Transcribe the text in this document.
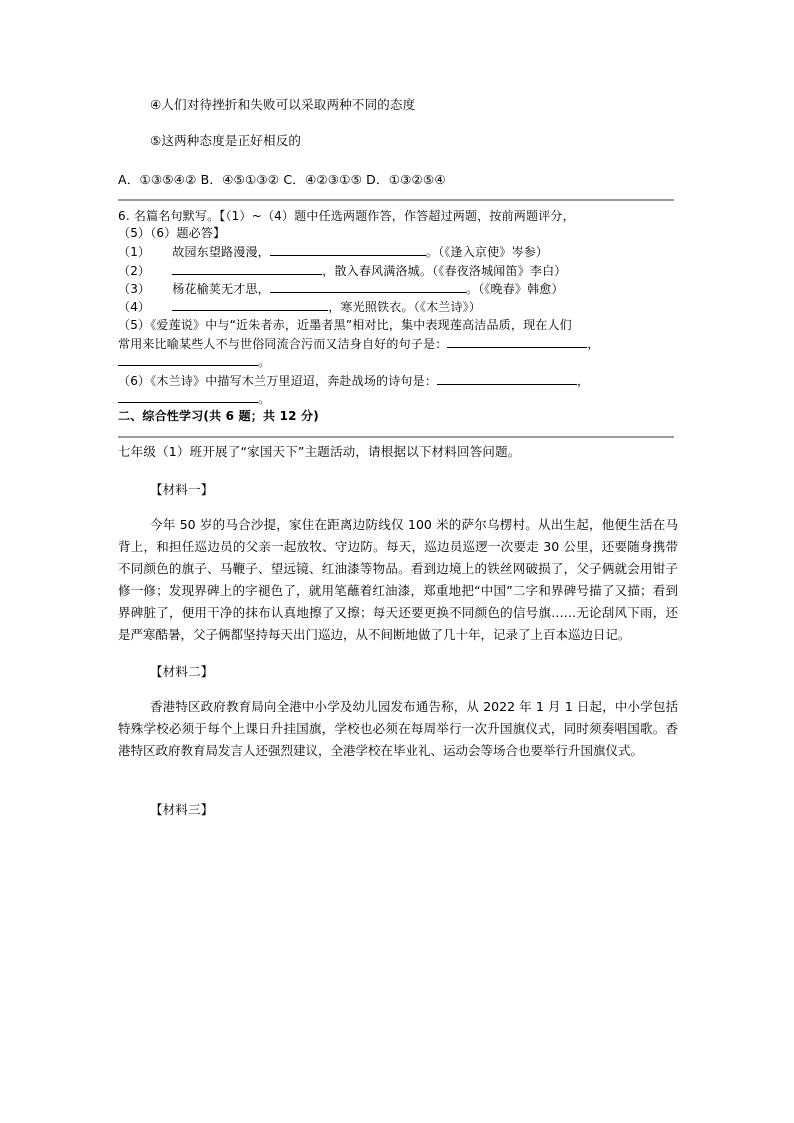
④人们对待挫折和失败可以采取两种不同的态度
⑤这两种态度是正好相反的
A．①③⑤④② B．④⑤①③② C．④②③①⑤ D．①③②⑤④
6. 名篇名句默写。【（1）~（4）题中任选两题作答，作答超过两题，按前两题评分，
（5）（6）题必答】
（1） 故园东望路漫漫，	。（《逢入京使》岑参）
（2）	，散入春风满洛城。（《春夜洛城闻笛》李白）
（3） 杨花榆荚无才思，	。（《晚春》韩愈）
（4）	，寒光照铁衣。（《木兰诗》）
（5）《爱莲说》中与“近朱者赤，近墨者黑”相对比，集中表现莲高洁品质，现在人们
常用来比喻某些人不与世俗同流合污而又洁身自好的句子是：	，
。
（6）《木兰诗》中描写木兰万里迢迢，奔赴战场的诗句是：	，
。
二、综合性学习(共 6 题；共 12 分)
七年级（1）班开展了“家国天下”主题活动，请根据以下材料回答问题。
【材料一】
今年 50 岁的马合沙提，家住在距离边防线仅 100 米的萨尔乌楞村。从出生起，他便生活在马背上，和担任巡边员的父亲一起放牧、守边防。每天，巡边员巡逻一次要走 30 公里，还要随身携带不同颜色的旗子、马鞭子、望远镜、红油漆等物品。看到边境上的铁丝网破损了，父子俩就会用钳子修一修；发现界碑上的字褪色了，就用笔蘸着红油漆，郑重地把“中国”二字和界碑号描了又描；看到界碑脏了，便用干净的抹布认真地擦了又擦；每天还要更换不同颜色的信号旗……无论刮风下雨，还是严寒酷暑，父子俩都坚持每天出门巡边，从不间断地做了几十年，记录了上百本巡边日记。
【材料二】
香港特区政府教育局向全港中小学及幼儿园发布通告称，从 2022 年 1 月 1 日起，中小学包括特殊学校必须于每个上课日升挂国旗，学校也必须在每周举行一次升国旗仪式，同时须奏唱国歌。香港特区政府教育局发言人还强烈建议，全港学校在毕业礼、运动会等场合也要举行升国旗仪式。
【材料三】
